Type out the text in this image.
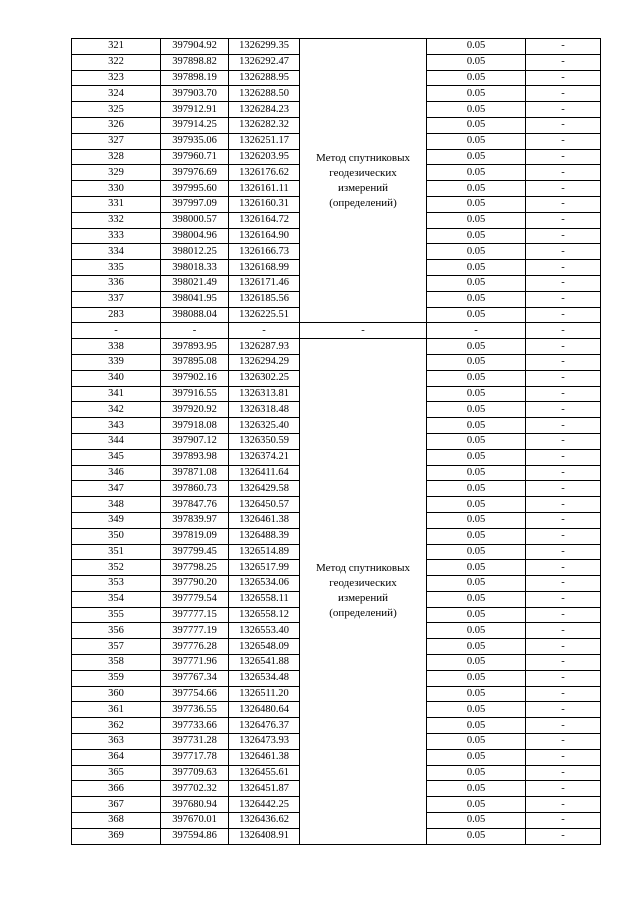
321	397904.92	1326299.35	Метод спутниковых
геодезических
измерений
(определений)	0.05	-
322	397898.82	1326292.47		0.05	-
323	397898.19	1326288.95		0.05	-
324	397903.70	1326288.50		0.05	-
325	397912.91	1326284.23		0.05	-
326	397914.25	1326282.32		0.05	-
327	397935.06	1326251.17		0.05	-
328	397960.71	1326203.95		0.05	-
329	397976.69	1326176.62		0.05	-
330	397995.60	1326161.11		0.05	-
331	397997.09	1326160.31		0.05	-
332	398000.57	1326164.72		0.05	-
333	398004.96	1326164.90		0.05	-
334	398012.25	1326166.73		0.05	-
335	398018.33	1326168.99		0.05	-
336	398021.49	1326171.46		0.05	-
337	398041.95	1326185.56		0.05	-
283	398088.04	1326225.51		0.05	-
-	-	-	-	-	-
338	397893.95	1326287.93	Метод спутниковых
геодезических
измерений
(определений)	0.05	-
339	397895.08	1326294.29		0.05	-
340	397902.16	1326302.25		0.05	-
341	397916.55	1326313.81		0.05	-
342	397920.92	1326318.48		0.05	-
343	397918.08	1326325.40		0.05	-
344	397907.12	1326350.59		0.05	-
345	397893.98	1326374.21		0.05	-
346	397871.08	1326411.64		0.05	-
347	397860.73	1326429.58		0.05	-
348	397847.76	1326450.57		0.05	-
349	397839.97	1326461.38		0.05	-
350	397819.09	1326488.39		0.05	-
351	397799.45	1326514.89		0.05	-
352	397798.25	1326517.99		0.05	-
353	397790.20	1326534.06		0.05	-
354	397779.54	1326558.11		0.05	-
355	397777.15	1326558.12		0.05	-
356	397777.19	1326553.40		0.05	-
357	397776.28	1326548.09		0.05	-
358	397771.96	1326541.88		0.05	-
359	397767.34	1326534.48		0.05	-
360	397754.66	1326511.20		0.05	-
361	397736.55	1326480.64		0.05	-
362	397733.66	1326476.37		0.05	-
363	397731.28	1326473.93		0.05	-
364	397717.78	1326461.38		0.05	-
365	397709.63	1326455.61		0.05	-
366	397702.32	1326451.87		0.05	-
367	397680.94	1326442.25		0.05	-
368	397670.01	1326436.62		0.05	-
369	397594.86	1326408.91		0.05	-
